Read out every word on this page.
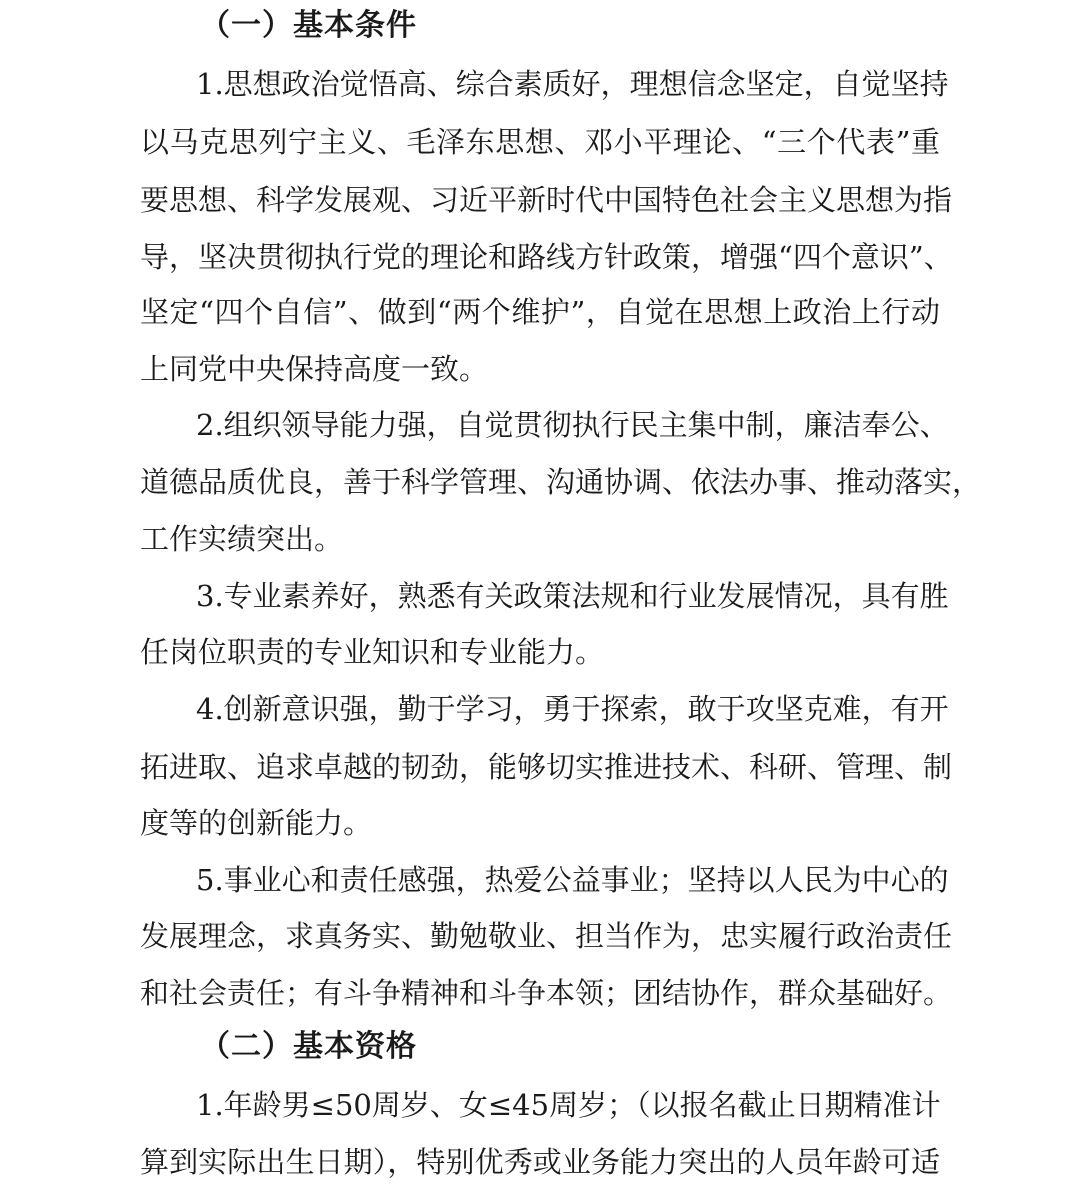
（一）基本条件
1.思想政治觉悟高、综合素质好，理想信念坚定，自觉坚持
以马克思列宁主义、毛泽东思想、邓小平理论、“三个代表”重
要思想、科学发展观、习近平新时代中国特色社会主义思想为指
导，坚决贯彻执行党的理论和路线方针政策，增强“四个意识”、
坚定“四个自信”、做到“两个维护”，自觉在思想上政治上行动
上同党中央保持高度一致。
2.组织领导能力强，自觉贯彻执行民主集中制，廉洁奉公、
道德品质优良，善于科学管理、沟通协调、依法办事、推动落实，
工作实绩突出。
3.专业素养好，熟悉有关政策法规和行业发展情况，具有胜
任岗位职责的专业知识和专业能力。
4.创新意识强，勤于学习，勇于探索，敢于攻坚克难，有开
拓进取、追求卓越的韧劲，能够切实推进技术、科研、管理、制
度等的创新能力。
5.事业心和责任感强，热爱公益事业；坚持以人民为中心的
发展理念，求真务实、勤勉敬业、担当作为，忠实履行政治责任
和社会责任；有斗争精神和斗争本领；团结协作，群众基础好。
（二）基本资格
1.年龄男≤50周岁、女≤45周岁；（以报名截止日期精准计
算到实际出生日期），特别优秀或业务能力突出的人员年龄可适
